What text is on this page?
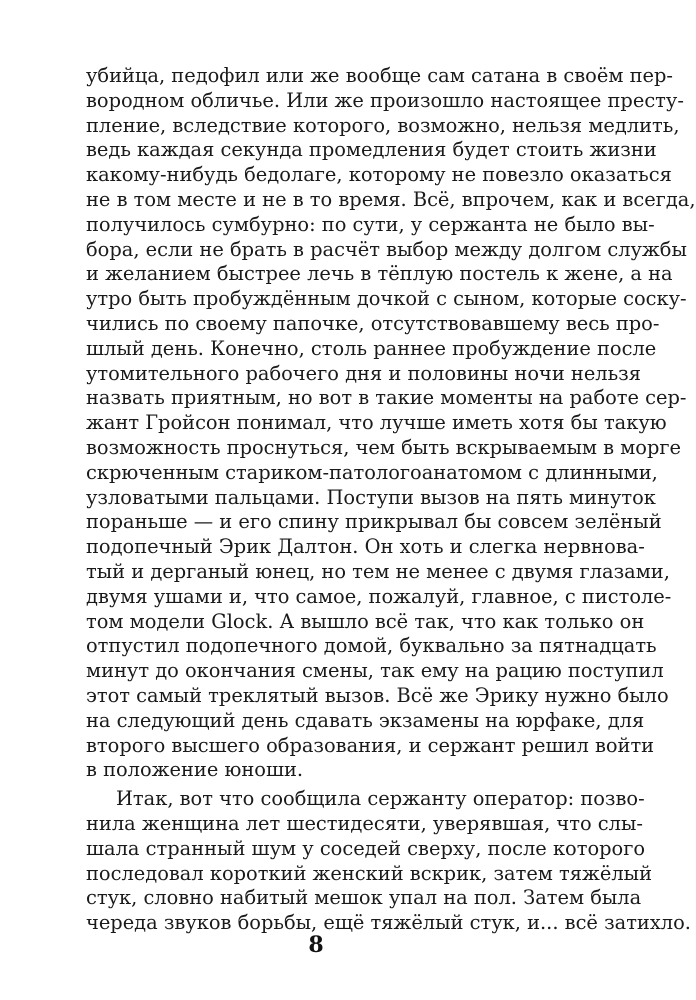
убийца, педофил или же вообще сам сатана в своём пер-
вородном обличье. Или же произошло настоящее престу-
пление, вследствие которого, возможно, нельзя медлить,
ведь каждая секунда промедления будет стоить жизни
какому-нибудь бедолаге, которому не повезло оказаться
не в том месте и не в то время. Всё, впрочем, как и всегда,
получилось сумбурно: по сути, у сержанта не было вы-
бора, если не брать в расчёт выбор между долгом службы
и желанием быстрее лечь в тёплую постель к жене, а на
утро быть пробуждённым дочкой с сыном, которые соску-
чились по своему папочке, отсутствовавшему весь про-
шлый день. Конечно, столь раннее пробуждение после
утомительного рабочего дня и половины ночи нельзя
назвать приятным, но вот в такие моменты на работе сер-
жант Гройсон понимал, что лучше иметь хотя бы такую
возможность проснуться, чем быть вскрываемым в морге
скрюченным стариком-патологоанатомом с длинными,
узловатыми пальцами. Поступи вызов на пять минуток
пораньше — и его спину прикрывал бы совсем зелёный
подопечный Эрик Далтон. Он хоть и слегка нервнова-
тый и дерганый юнец, но тем не менее с двумя глазами,
двумя ушами и, что самое, пожалуй, главное, с пистоле-
том модели Glock. А вышло всё так, что как только он
отпустил подопечного домой, буквально за пятнадцать
минут до окончания смены, так ему на рацию поступил
этот самый треклятый вызов. Всё же Эрику нужно было
на следующий день сдавать экзамены на юрфаке, для
второго высшего образования, и сержант решил войти
в положение юноши.
Итак, вот что сообщила сержанту оператор: позво-
нила женщина лет шестидесяти, уверявшая, что слы-
шала странный шум у соседей сверху, после которого
последовал короткий женский вскрик, затем тяжёлый
стук, словно набитый мешок упал на пол. Затем была
череда звуков борьбы, ещё тяжёлый стук, и... всё затихло.
8
